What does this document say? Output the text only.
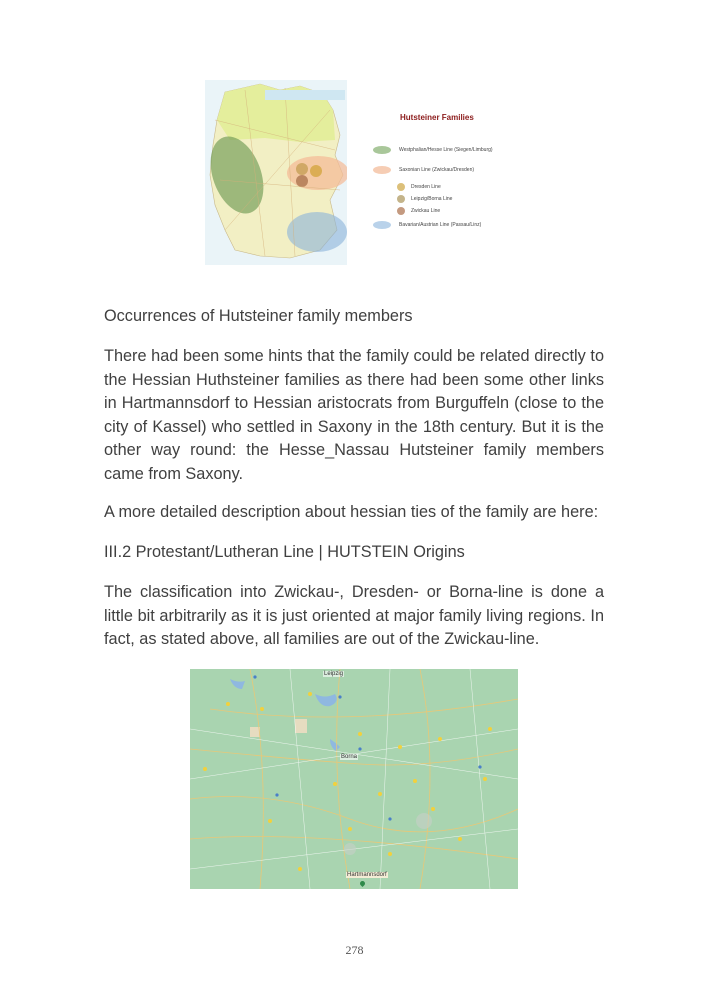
Hutsteiner Families
Westphalian/Hesse Line (Siegen/Limburg)
Saxonian Line (Zwickau/Dresden)
Dresden Line
Leipzig/Borna Line
Zwickau Line
Bavarian/Austrian Line (Passau/Linz)
Occurrences of Hutsteiner family members
There had been some hints that the family could be related directly to the Hessian Huthsteiner families as there had been some other links in Hartmannsdorf to Hessian aristocrats from Burguffeln (close to the city of Kassel) who settled in Saxony in the 18th century. But it is the other way round: the Hesse_Nassau Hutsteiner family members came from Saxony.
A more detailed description about hessian ties of the family are here:
III.2 Protestant/Lutheran Line | HUTSTEIN Origins
The classification into Zwickau-, Dresden- or Borna-line is done a little bit arbitrarily as it is just oriented at major family living regions. In fact, as stated above, all families are out of the Zwickau-line.
Leipzig
Borna
Hartmannsdorf
278
